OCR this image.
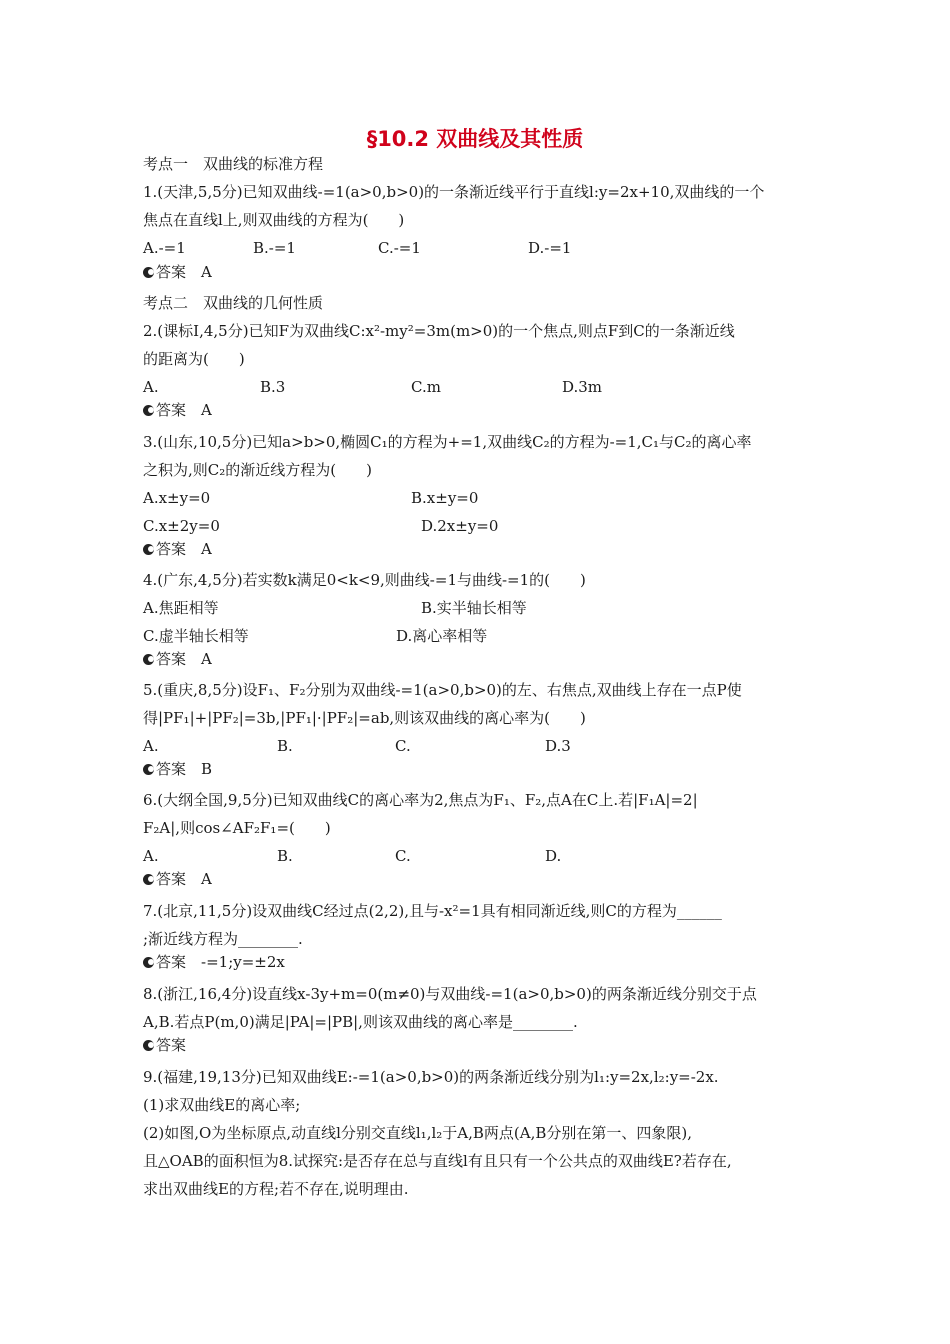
§10.2 双曲线及其性质
考点一　双曲线的标准方程
1.(天津,5,5分)已知双曲线-=1(a>0,b>0)的一条渐近线平行于直线l:y=2x+10,双曲线的一个
焦点在直线l上,则双曲线的方程为(　　)
A.-=1	B.-=1	C.-=1	D.-=1
答案　 A
考点二　双曲线的几何性质
2.(课标Ⅰ,4,5分)已知F为双曲线C:x²-my²=3m(m>0)的一个焦点,则点F到C的一条渐近线
的距离为(　　)
A.	B.3	C.m	D.3m
答案　 A
3.(山东,10,5分)已知a>b>0,椭圆C₁的方程为+=1,双曲线C₂的方程为-=1,C₁与C₂的离心率
之积为,则C₂的渐近线方程为(　　)
A.x±y=0	B.x±y=0
C.x±2y=0	D.2x±y=0
答案　 A
4.(广东,4,5分)若实数k满足0<k<9,则曲线-=1与曲线-=1的(　　)
A.焦距相等	B.实半轴长相等
C.虚半轴长相等	D.离心率相等
答案　 A
5.(重庆,8,5分)设F₁、F₂分别为双曲线-=1(a>0,b>0)的左、右焦点,双曲线上存在一点P使
得|PF₁|+|PF₂|=3b,|PF₁|·|PF₂|=ab,则该双曲线的离心率为(　　)
A.	B.	C.	D.3
答案　 B
6.(大纲全国,9,5分)已知双曲线C的离心率为2,焦点为F₁、F₂,点A在C上.若|F₁A|=2|
F₂A|,则cos∠AF₂F₁=(　　)
A.	B.	C.	D.
答案　 A
7.(北京,11,5分)设双曲线C经过点(2,2),且与-x²=1具有相同渐近线,则C的方程为______
;渐近线方程为________.
答案　 -=1;y=±2x
8.(浙江,16,4分)设直线x-3y+m=0(m≠0)与双曲线-=1(a>0,b>0)的两条渐近线分别交于点
A,B.若点P(m,0)满足|PA|=|PB|,则该双曲线的离心率是________.
答案
9.(福建,19,13分)已知双曲线E:-=1(a>0,b>0)的两条渐近线分别为l₁:y=2x,l₂:y=-2x.
(1)求双曲线E的离心率;
(2)如图,O为坐标原点,动直线l分别交直线l₁,l₂于A,B两点(A,B分别在第一、四象限),
且△OAB的面积恒为8.试探究:是否存在总与直线l有且只有一个公共点的双曲线E?若存在,
求出双曲线E的方程;若不存在,说明理由.
